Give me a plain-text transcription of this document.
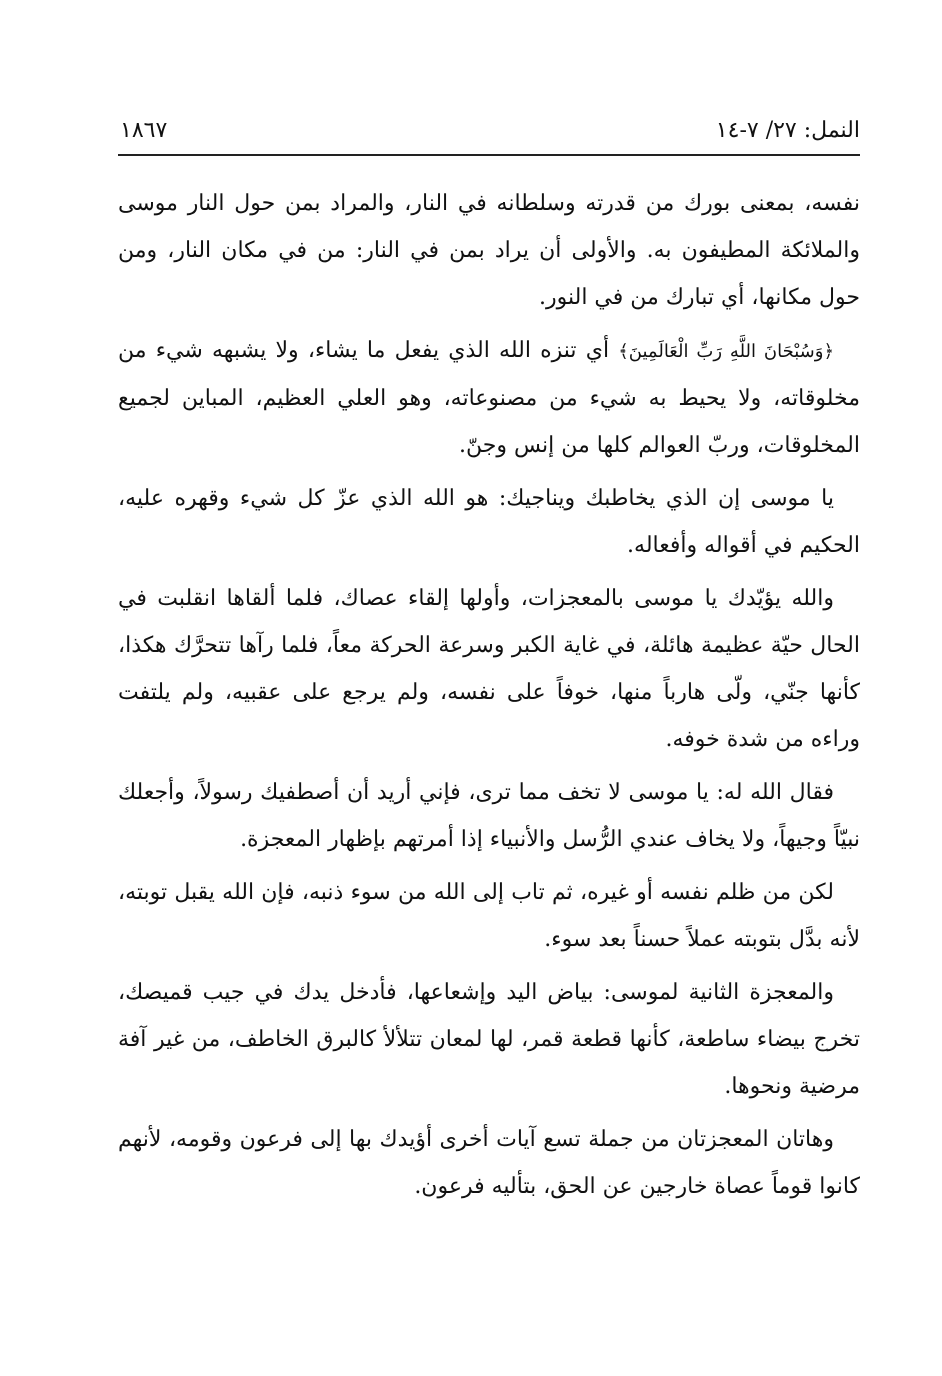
النمل: ٢٧/ ٧-١٤
١٨٦٧

نفسه، بمعنى بورك من قدرته وسلطانه في النار، والمراد بمن حول النار موسى والملائكة المطيفون به. والأولى أن يراد بمن في النار: من في مكان النار، ومن حول مكانها، أي تبارك من في النور.

﴿وَسُبْحَانَ اللَّهِ رَبِّ الْعَالَمِينَ﴾ أي تنزه الله الذي يفعل ما يشاء، ولا يشبهه شيء من مخلوقاته، ولا يحيط به شيء من مصنوعاته، وهو العلي العظيم، المباين لجميع المخلوقات، وربّ العوالم كلها من إنس وجنّ.

يا موسى إن الذي يخاطبك ويناجيك: هو الله الذي عزّ كل شيء وقهره عليه، الحكيم في أقواله وأفعاله.

والله يؤيّدك يا موسى بالمعجزات، وأولها إلقاء عصاك، فلما ألقاها انقلبت في الحال حيّة عظيمة هائلة، في غاية الكبر وسرعة الحركة معاً، فلما رآها تتحرَّك هكذا، كأنها جنّي، ولّى هارباً منها، خوفاً على نفسه، ولم يرجع على عقبيه، ولم يلتفت وراءه من شدة خوفه.

فقال الله له: يا موسى لا تخف مما ترى، فإني أريد أن أصطفيك رسولاً، وأجعلك نبيّاً وجيهاً، ولا يخاف عندي الرُّسل والأنبياء إذا أمرتهم بإظهار المعجزة.

لكن من ظلم نفسه أو غيره، ثم تاب إلى الله من سوء ذنبه، فإن الله يقبل توبته، لأنه بدَّل بتوبته عملاً حسناً بعد سوء.

والمعجزة الثانية لموسى: بياض اليد وإشعاعها، فأدخل يدك في جيب قميصك، تخرج بيضاء ساطعة، كأنها قطعة قمر، لها لمعان تتلألأ كالبرق الخاطف، من غير آفة مرضية ونحوها.

وهاتان المعجزتان من جملة تسع آيات أخرى أؤيدك بها إلى فرعون وقومه، لأنهم كانوا قوماً عصاة خارجين عن الحق، بتأليه فرعون.
